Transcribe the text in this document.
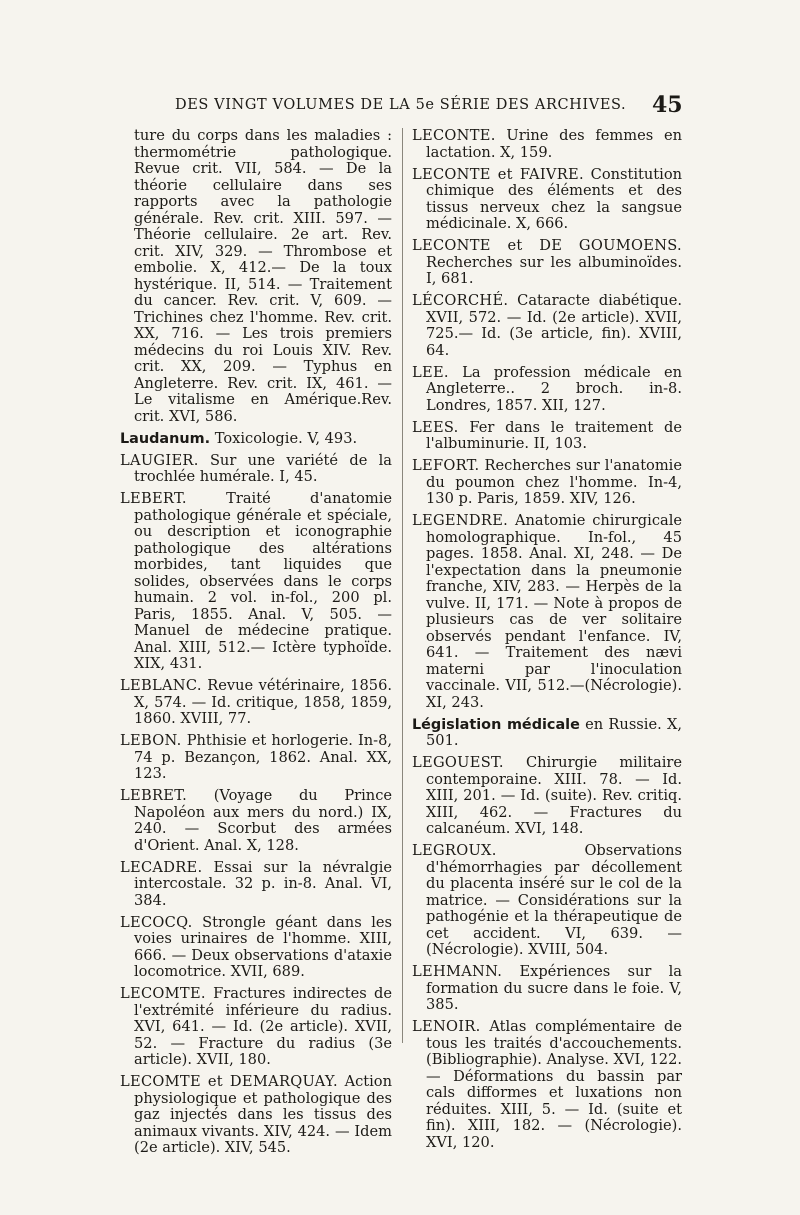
DES VINGT VOLUMES DE LA 5e SÉRIE DES ARCHIVES.	45

ture du corps dans les maladies : thermométrie pathologique. Revue crit. VII, 584. — De la théorie cellulaire dans ses rapports avec la pathologie générale. Rev. crit. XIII. 597. — Théorie cellulaire. 2e art. Rev. crit. XIV, 329. — Thrombose et embolie. X, 412.— De la toux hystérique. II, 514. — Traitement du cancer. Rev. crit. V, 609. — Trichines chez l'homme. Rev. crit. XX, 716. — Les trois premiers médecins du roi Louis XIV. Rev. crit. XX, 209. — Typhus en Angleterre. Rev. crit. IX, 461. — Le vitalisme en Amérique.Rev. crit. XVI, 586.

Laudanum. Toxicologie. V, 493.

LAUGIER. Sur une variété de la trochlée humérale. I, 45.

LEBERT.	Traité d'anatomie pathologique générale et spéciale, ou description et iconographie pathologique des altérations morbides, tant liquides que solides, observées dans le corps humain. 2 vol. in-fol., 200 pl. Paris, 1855. Anal. V, 505. — Manuel de médecine pratique. Anal. XIII, 512.— Ictère typhoïde. XIX, 431.

LEBLANC. Revue vétérinaire, 1856. X, 574. — Id. critique, 1858, 1859, 1860. XVIII, 77.

LEBON. Phthisie et horlogerie. In-8, 74 p. Bezançon, 1862. Anal. XX, 123.

LEBRET. (Voyage du Prince Napoléon aux mers du nord.) IX, 240. — Scorbut des armées d'Orient. Anal. X, 128.

LECADRE. Essai sur la névralgie intercostale. 32 p. in-8. Anal. VI, 384.

LECOCQ. Strongle géant dans les voies urinaires de l'homme. XIII, 666. — Deux observations d'ataxie locomotrice. XVII, 689.

LECOMTE. Fractures indirectes de l'extrémité inférieure du radius. XVI, 641. — Id. (2e article). XVII, 52. — Fracture du radius (3e article). XVII, 180.

LECOMTE et DEMARQUAY. Action physiologique et pathologique des gaz injectés dans les tissus des animaux vivants. XIV, 424. — Idem (2e article). XIV, 545.

LECONTE. Urine des femmes en lactation. X, 159.

LECONTE et FAIVRE. Constitution chimique des éléments et des tissus nerveux chez la sangsue médicinale. X, 666.

LECONTE et DE GOUMOENS. Recherches sur les albuminoïdes. I, 681.

LÉCORCHÉ. Cataracte diabétique. XVII, 572. — Id. (2e article). XVII, 725.— Id. (3e article, fin). XVIII, 64.

LEE. La profession médicale en Angleterre.. 2 broch. in-8. Londres, 1857. XII, 127.

LEES. Fer dans le traitement de l'albuminurie. II, 103.

LEFORT. Recherches sur l'anatomie du poumon chez l'homme. In-4, 130 p. Paris, 1859. XIV, 126.

LEGENDRE. Anatomie chirurgicale homolographique. In-fol., 45 pages. 1858. Anal. XI, 248. — De l'expectation dans la pneumonie franche, XIV, 283. — Herpès de la vulve. II, 171. — Note à propos de plusieurs cas de ver solitaire observés pendant l'enfance. IV, 641. — Traitement des nævi materni par l'inoculation vaccinale. VII, 512.—(Nécrologie). XI, 243.

Législation médicale en Russie. X, 501.

LEGOUEST. Chirurgie militaire contemporaine. XIII. 78. — Id. XIII, 201. — Id. (suite). Rev. critiq. XIII, 462. — Fractures du calcanéum. XVI, 148.

LEGROUX.	Observations d'hémorrhagies par décollement du placenta inséré sur le col de la matrice. — Considérations sur la pathogénie et la thérapeutique de cet accident. VI, 639. — (Nécrologie). XVIII, 504.

LEHMANN. Expériences sur la formation du sucre dans le foie. V, 385.

LENOIR. Atlas complémentaire de tous les traités d'accouchements. (Bibliographie). Analyse. XVI, 122. — Déformations du bassin par cals difformes et luxations non réduites. XIII, 5. — Id. (suite et fin). XIII, 182. — (Nécrologie). XVI, 120.
